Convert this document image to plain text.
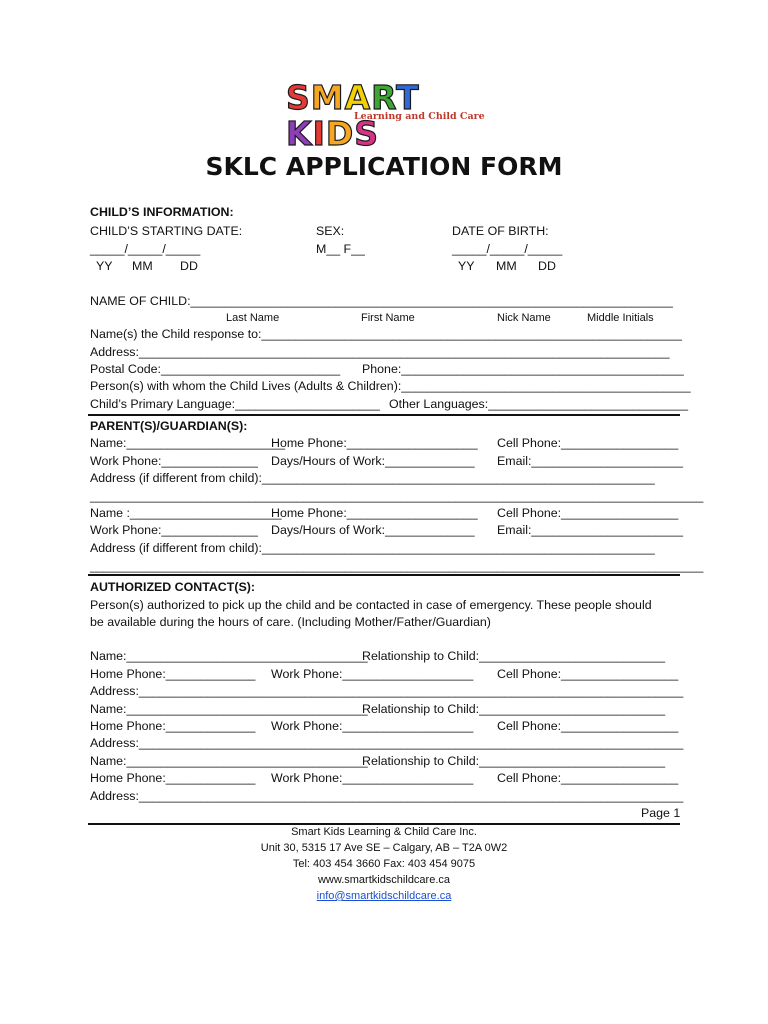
SMART KIDS
Learning and Child Care
SKLC APPLICATION FORM
CHILD’S INFORMATION:
CHILD’S STARTING DATE:	SEX:	DATE OF BIRTH:
_____/_____/_____	M__ F__	_____/_____/_____
YY MM DD	YY MM DD
NAME OF CHILD:______________________________________________________________________
Last Name	First Name	Nick Name	Middle Initials
Name(s) the Child response to:_____________________________________________________________
Address:_____________________________________________________________________________
Postal Code:__________________________ Phone:_________________________________________
Person(s) with whom the Child Lives (Adults & Children):__________________________________________
Child’s Primary Language:_____________________ Other Languages:_____________________________
PARENT(S)/GUARDIAN(S):
Name:_______________________
Home Phone:___________________ Cell Phone:_________________
Work Phone:______________ Days/Hours of Work:_____________ Email:______________________
Address (if different from child):_________________________________________________________
_________________________________________________________________________________________
Name :______________________
Home Phone:___________________ Cell Phone:_________________
Work Phone:______________ Days/Hours of Work:_____________ Email:______________________
Address (if different from child):_________________________________________________________
_________________________________________________________________________________________
AUTHORIZED CONTACT(S):
Person(s) authorized to pick up the child and be contacted in case of emergency. These people should
be available during the hours of care. (Including Mother/Father/Guardian)
Name:___________________________________
Relationship to Child:___________________________
Home Phone:_____________ Work Phone:___________________ Cell Phone:_________________
Address:_______________________________________________________________________________
Name:___________________________________
Relationship to Child:___________________________
Home Phone:_____________ Work Phone:___________________ Cell Phone:_________________
Address:_______________________________________________________________________________
Name:___________________________________
Relationship to Child:___________________________
Home Phone:_____________ Work Phone:___________________ Cell Phone:_________________
Address:_______________________________________________________________________________
Page 1
Smart Kids Learning & Child Care Inc.
Unit 30, 5315 17 Ave SE – Calgary, AB – T2A 0W2
Tel: 403 454 3660 Fax: 403 454 9075
www.smartkidschildcare.ca
info@smartkidschildcare.ca
